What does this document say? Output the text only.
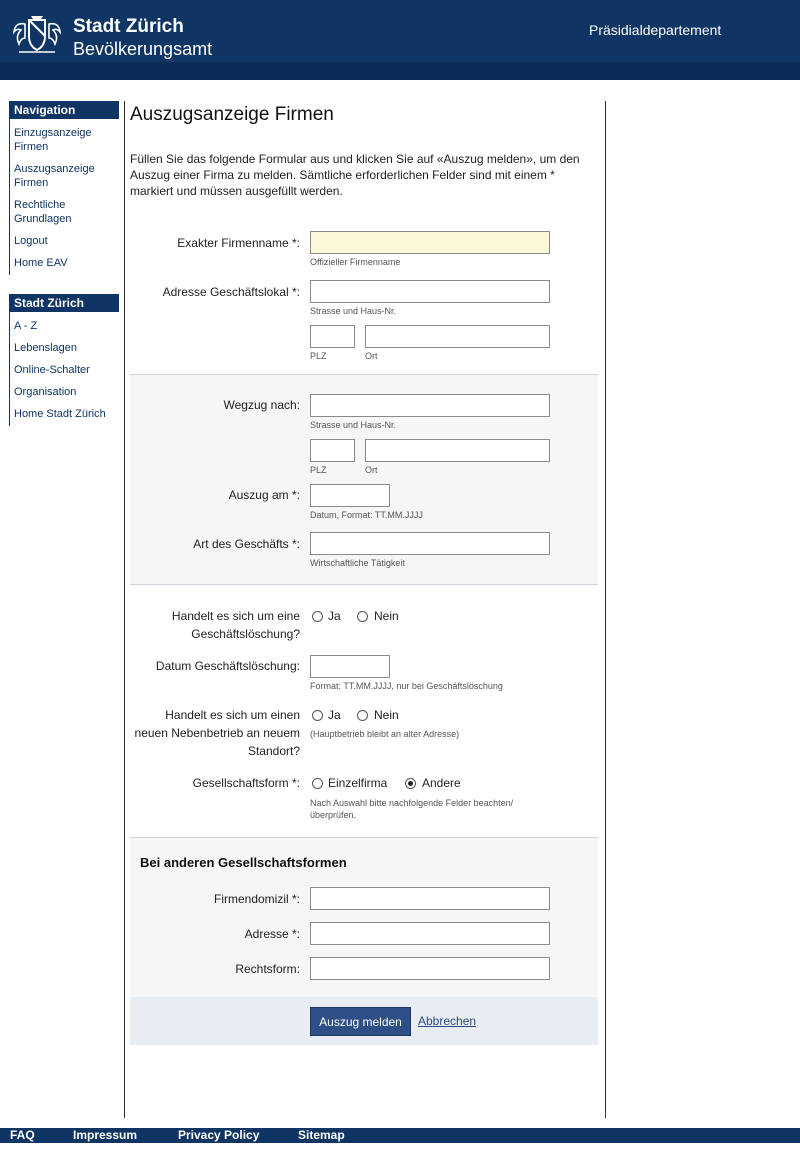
Stadt Zürich
Bevölkerungsamt
Präsidialdepartement
Navigation
Einzugsanzeige Firmen
Auszugsanzeige Firmen
Rechtliche Grundlagen
Logout
Home EAV
Stadt Zürich
A - Z
Lebenslagen
Online-Schalter
Organisation
Home Stadt Zürich
Auszugsanzeige Firmen

Füllen Sie das folgende Formular aus und klicken Sie auf «Auszug melden», um den Auszug einer Firma zu melden. Sämtliche erforderlichen Felder sind mit einem * markiert und müssen ausgefüllt werden.

Exakter Firmenname *:
Offizieller Firmenname
Adresse Geschäftslokal *:
Strasse und Haus-Nr.
PLZ	Ort
Wegzug nach:
Strasse und Haus-Nr.
PLZ	Ort
Auszug am *:
Datum, Format: TT.MM.JJJJ
Art des Geschäfts *:
Wirtschaftliche Tätigkeit
Handelt es sich um eine Geschäftslöschung?
Ja	Nein
Datum Geschäftslöschung:
Format: TT.MM.JJJJ, nur bei Geschäftslöschung
Handelt es sich um einen neuen Nebenbetrieb an neuem Standort?
Ja	Nein
(Hauptbetrieb bleibt an alter Adresse)
Gesellschaftsform *: Einzelfirma	Andere
Nach Auswahl bitte nachfolgende Felder beachten/überprüfen.
Bei anderen Gesellschaftsformen
Firmendomizil *:
Adresse *:
Rechtsform:
Auszug melden	Abbrechen
FAQ	Impressum	Privacy Policy	Sitemap
